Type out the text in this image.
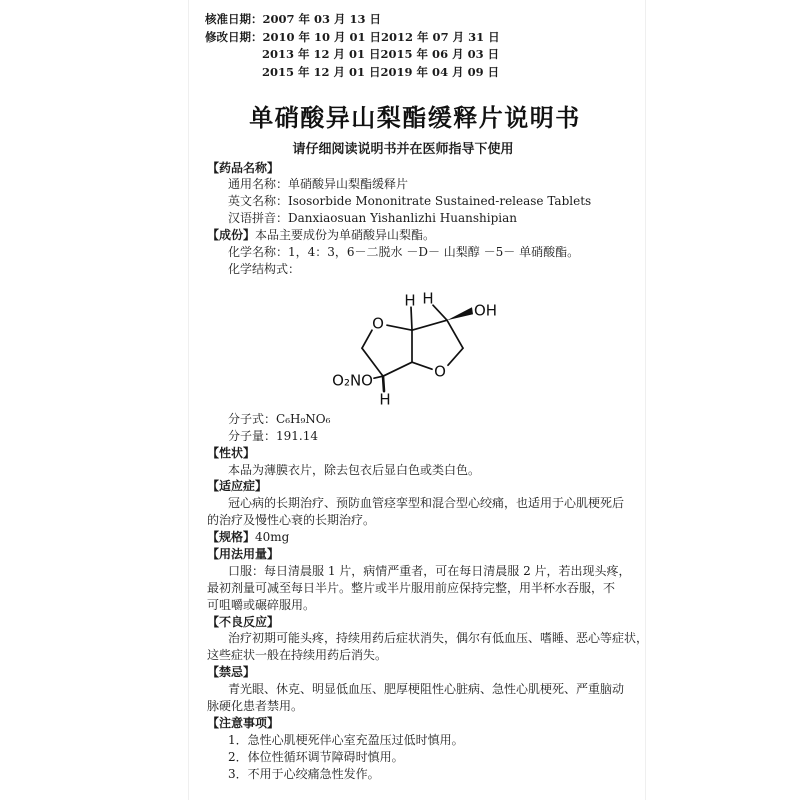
核准日期： 2007 年 03 月 13 日
修改日期： 2010 年 10 月 01 日 2012 年 07 月 31 日
2013 年 12 月 01 日 2015 年 06 月 03 日
2015 年 12 月 01 日 2019 年 04 月 09 日
单硝酸异山梨酯缓释片说明书
请仔细阅读说明书并在医师指导下使用
【药品名称】
通用名称：单硝酸异山梨酯缓释片
英文名称：Isosorbide Mononitrate Sustained-release Tablets
汉语拼音：Danxiaosuan Yishanlizhi Huanshipian
【成份】本品主要成份为单硝酸异山梨酯。
化学名称：1，4：3，6－二脱水 －D－ 山梨醇 －5－ 单硝酸酯。
化学结构式：
H H
OH
O
O
O₂NO
H
分子式：C₆H₉NO₆
分子量：191.14
【性状】
本品为薄膜衣片，除去包衣后显白色或类白色。
【适应症】
冠心病的长期治疗、预防血管痉挛型和混合型心绞痛，也适用于心肌梗死后
的治疗及慢性心衰的长期治疗。
【规格】40mg
【用法用量】
口服：每日清晨服 1 片，病情严重者，可在每日清晨服 2 片，若出现头疼，
最初剂量可减至每日半片。整片或半片服用前应保持完整，用半杯水吞服，不
可咀嚼或碾碎服用。
【不良反应】
治疗初期可能头疼，持续用药后症状消失，偶尔有低血压、嗜睡、恶心等症状，
这些症状一般在持续用药后消失。
【禁忌】
青光眼、休克、明显低血压、肥厚梗阻性心脏病、急性心肌梗死、严重脑动
脉硬化患者禁用。
【注意事项】
1．急性心肌梗死伴心室充盈压过低时慎用。
2．体位性循环调节障碍时慎用。
3．不用于心绞痛急性发作。
